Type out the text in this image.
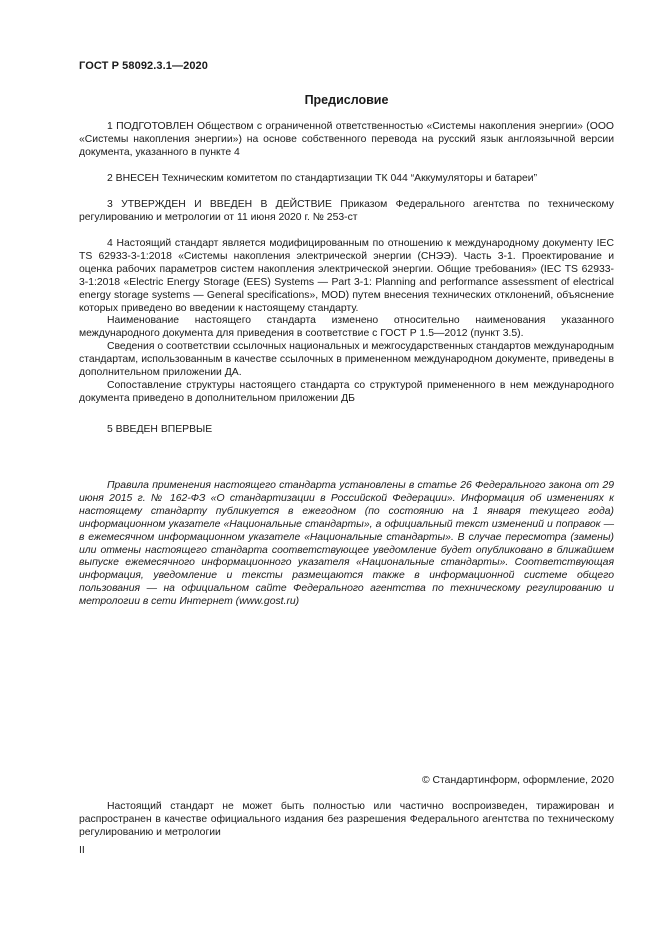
ГОСТ Р 58092.3.1—2020
Предисловие

1 ПОДГОТОВЛЕН Обществом с ограниченной ответственностью «Системы накопления энергии» (ООО «Системы накопления энергии») на основе собственного перевода на русский язык англоязычной версии документа, указанного в пункте 4

2 ВНЕСЕН Техническим комитетом по стандартизации ТК 044 “Аккумуляторы и батареи”

3 УТВЕРЖДЕН И ВВЕДЕН В ДЕЙСТВИЕ Приказом Федерального агентства по техническому регулированию и метрологии от 11 июня 2020 г. № 253-ст

4 Настоящий стандарт является модифицированным по отношению к международному документу IEC TS 62933-3-1:2018 «Системы накопления электрической энергии (СНЭЭ). Часть 3-1. Проектирование и оценка рабочих параметров систем накопления электрической энергии. Общие требования» (IEC TS 62933-3-1:2018 «Electric Energy Storage (EES) Systems — Part 3-1: Planning and performance assessment of electrical energy storage systems — General specifications», MOD) путем внесения технических отклонений, объяснение которых приведено во введении к настоящему стандарту.

Наименование настоящего стандарта изменено относительно наименования указанного международного документа для приведения в соответствие с ГОСТ Р 1.5—2012 (пункт 3.5).

Сведения о соответствии ссылочных национальных и межгосударственных стандартов международным стандартам, использованным в качестве ссылочных в примененном международном документе, приведены в дополнительном приложении ДА.

Сопоставление структуры настоящего стандарта со структурой примененного в нем международного документа приведено в дополнительном приложении ДБ

5 ВВЕДЕН ВПЕРВЫЕ

Правила применения настоящего стандарта установлены в статье 26 Федерального закона от 29 июня 2015 г. № 162-ФЗ «О стандартизации в Российской Федерации». Информация об изменениях к настоящему стандарту публикуется в ежегодном (по состоянию на 1 января текущего года) информационном указателе «Национальные стандарты», а официальный текст изменений и поправок — в ежемесячном информационном указателе «Национальные стандарты». В случае пересмотра (замены) или отмены настоящего стандарта соответствующее уведомление будет опубликовано в ближайшем выпуске ежемесячного информационного указателя «Национальные стандарты». Соответствующая информация, уведомление и тексты размещаются также в информационной системе общего пользования — на официальном сайте Федерального агентства по техническому регулированию и метрологии в сети Интернет (www.gost.ru)

© Стандартинформ, оформление, 2020

Настоящий стандарт не может быть полностью или частично воспроизведен, тиражирован и распространен в качестве официального издания без разрешения Федерального агентства по техническому регулированию и метрологии

II
